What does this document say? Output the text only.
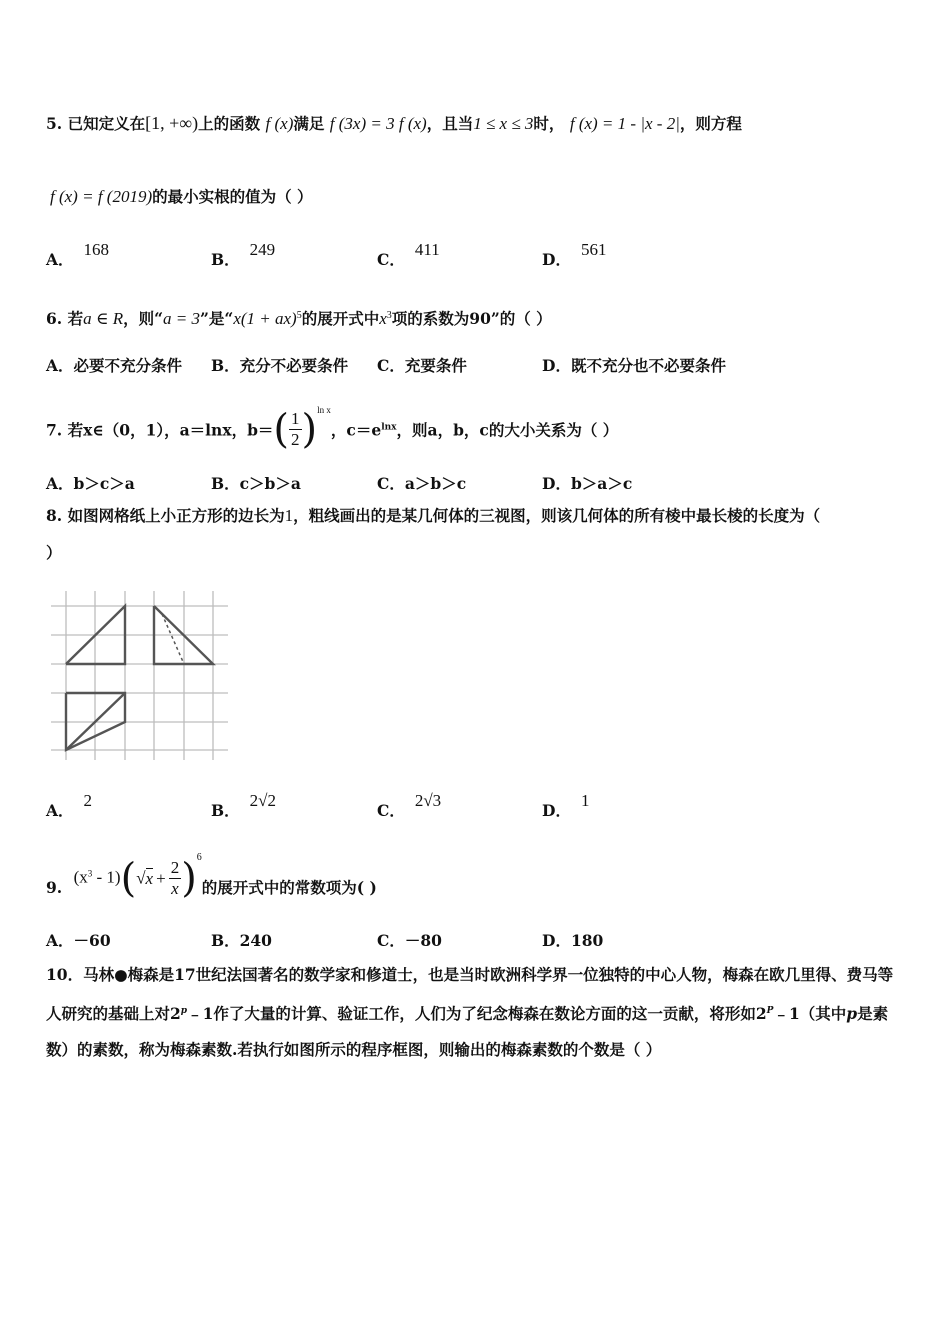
5. 已知定义在[1, +∞)上的函数 f (x)满足 f (3x) = 3 f (x)，且当1 ≤ x ≤ 3时， f (x) = 1 - |x - 2|，则方程
f (x) = f (2019)的最小实根的值为（ ）
A．168
B．249
C．411
D．561
6. 若a ∈ R，则“a = 3”是“x(1 + ax)$^5$的展开式中$x^3$项的系数为90”的（ ）
A．必要不充分条件 B．充分不必要条件 C．充要条件	D．既不充分也不必要条件
7. 若x∈（0，1），a＝lnx，$b=( \frac{1}{2} )^{ln x}$，$c=e^{lnx}$，则a，b，c的大小关系为（ ）
A．b＞c＞a	B．c＞b＞a	C．a＞b＞c	D．b＞a＞c
8. 如图网格纸上小正方形的边长为1，粗线画出的是某几何体的三视图，则该几何体的所有棱中最长棱的长度为（
）
A．2
B．2√2
C．2√3
D．1
9. $(x^3 - 1)(√x + \frac{2}{x} )^6$的展开式中的常数项为( )
A．－60	B．240	C．－80	D．180
10．马林●梅森是17世纪法国著名的数学家和修道士，也是当时欧洲科学界一位独特的中心人物，梅森在欧几里得、费马等人研究的基础上对2$^p$﹣1作了大量的计算、验证工作，人们为了纪念梅森在数论方面的这一贡献，将形如$2^P﹣1$（其中p是素数）的素数，称为梅森素数.若执行如图所示的程序框图，则输出的梅森素数的个数是（ ）
